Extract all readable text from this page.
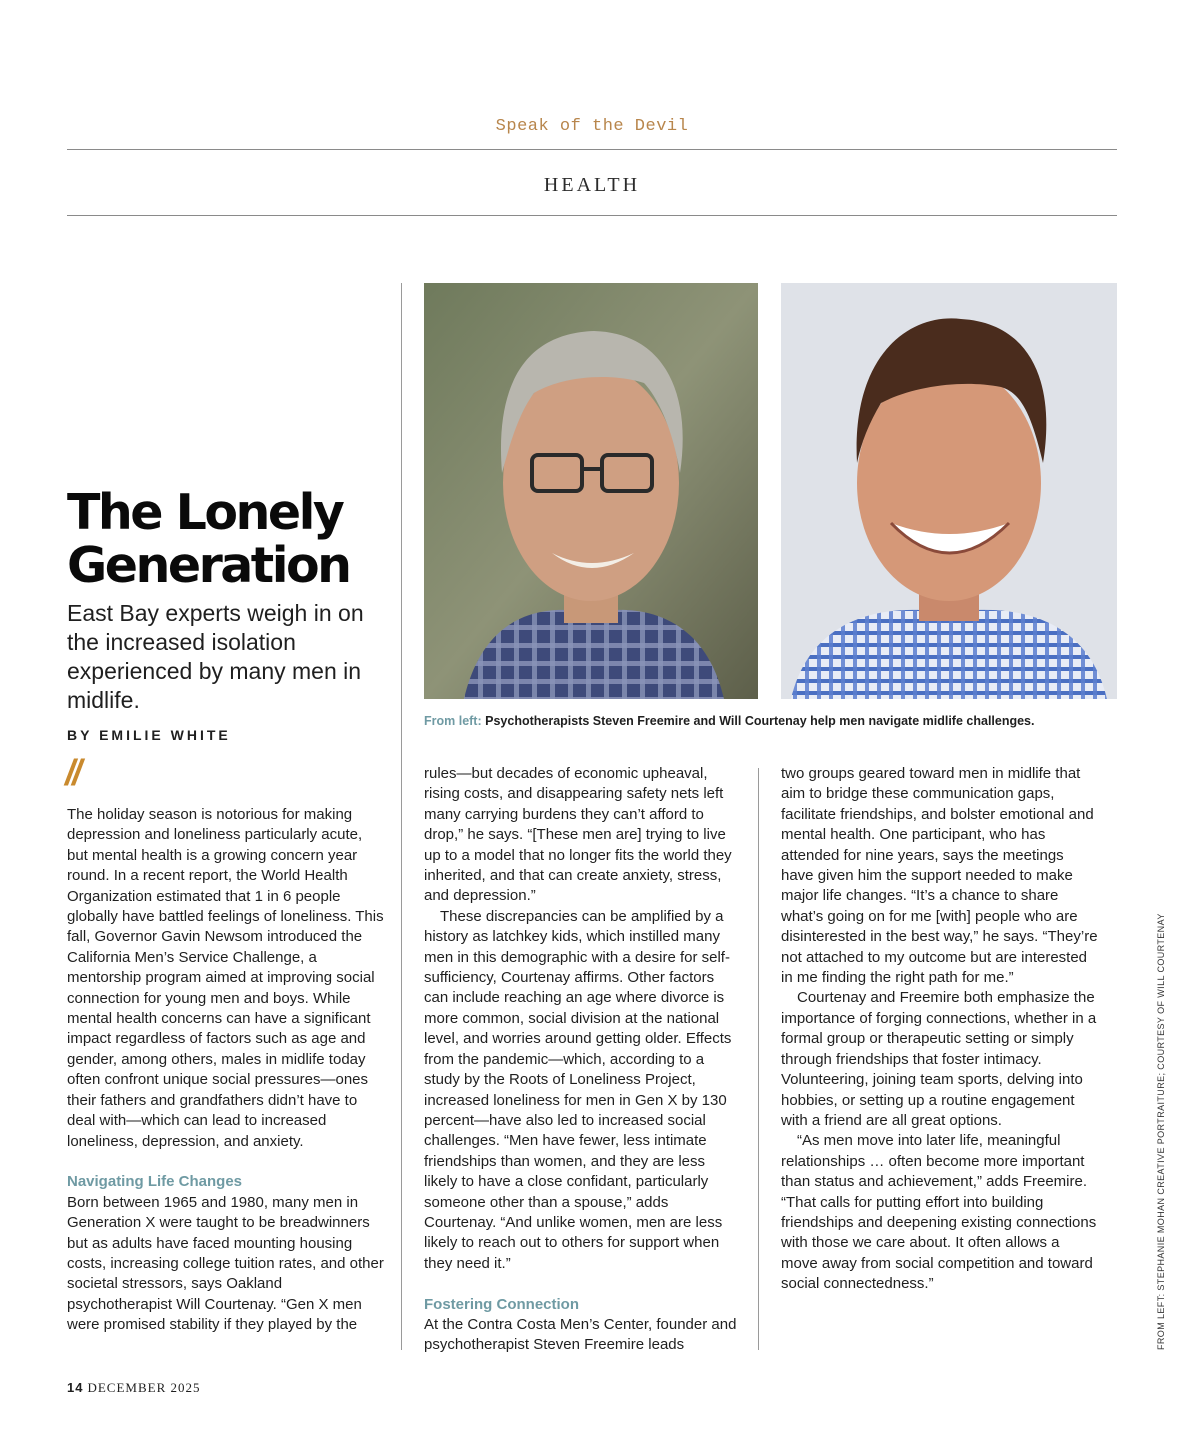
Speak of the Devil
HEALTH
From left: Psychotherapists Steven Freemire and Will Courtenay help men navigate midlife challenges.
The Lonely
Generation
East Bay experts weigh in on the increased isolation experienced by many men in midlife.
BY EMILIE WHITE
//

The holiday season is notorious for making depression and loneliness particularly acute, but mental health is a growing concern year round. In a recent report, the World Health Organization estimated that 1 in 6 people globally have battled feelings of loneliness. This fall, Governor Gavin Newsom introduced the California Men’s Service Challenge, a mentorship program aimed at improving social connection for young men and boys. While mental health concerns can have a significant impact regardless of factors such as age and gender, among others, males in midlife today often confront unique social pressures—ones their fathers and grandfathers didn’t have to deal with—which can lead to increased loneliness, depression, and anxiety.

Navigating Life Changes

Born between 1965 and 1980, many men in Generation X were taught to be breadwinners but as adults have faced mounting housing costs, increasing college tuition rates, and other societal stressors, says Oakland psychotherapist Will Courtenay. “Gen X men were promised stability if they played by the

rules—but decades of economic upheaval, rising costs, and disappearing safety nets left many carrying burdens they can’t afford to drop,” he says. “[These men are] trying to live up to a model that no longer fits the world they inherited, and that can create anxiety, stress, and depression.”

These discrepancies can be amplified by a history as latchkey kids, which instilled many men in this demographic with a desire for self-sufficiency, Courtenay affirms. Other factors can include reaching an age where divorce is more common, social division at the national level, and worries around getting older. Effects from the pandemic—which, according to a study by the Roots of Loneliness Project, increased loneliness for men in Gen X by 130 percent—have also led to increased social challenges. “Men have fewer, less intimate friendships than women, and they are less likely to have a close confidant, particularly someone other than a spouse,” adds Courtenay. “And unlike women, men are less likely to reach out to others for support when they need it.”

Fostering Connection

At the Contra Costa Men’s Center, founder and psychotherapist Steven Freemire leads

two groups geared toward men in midlife that aim to bridge these communication gaps, facilitate friendships, and bolster emotional and mental health. One participant, who has attended for nine years, says the meetings have given him the support needed to make major life changes. “It’s a chance to share what’s going on for me [with] people who are disinterested in the best way,” he says. “They’re not attached to my outcome but are interested in me finding the right path for me.”

Courtenay and Freemire both emphasize the importance of forging connections, whether in a formal group or therapeutic setting or simply through friendships that foster intimacy. Volunteering, joining team sports, delving into hobbies, or setting up a routine engagement with a friend are all great options.

“As men move into later life, meaningful relationships … often become more important than status and achievement,” adds Freemire. “That calls for putting effort into building friendships and deepening existing connections with those we care about. It often allows a move away from social competition and toward social connectedness.”	FROM LEFT: STEPHANIE MOHAN CREATIVE PORTRAITURE; COURTESY OF WILL COURTENAY
14 DECEMBER 2025
